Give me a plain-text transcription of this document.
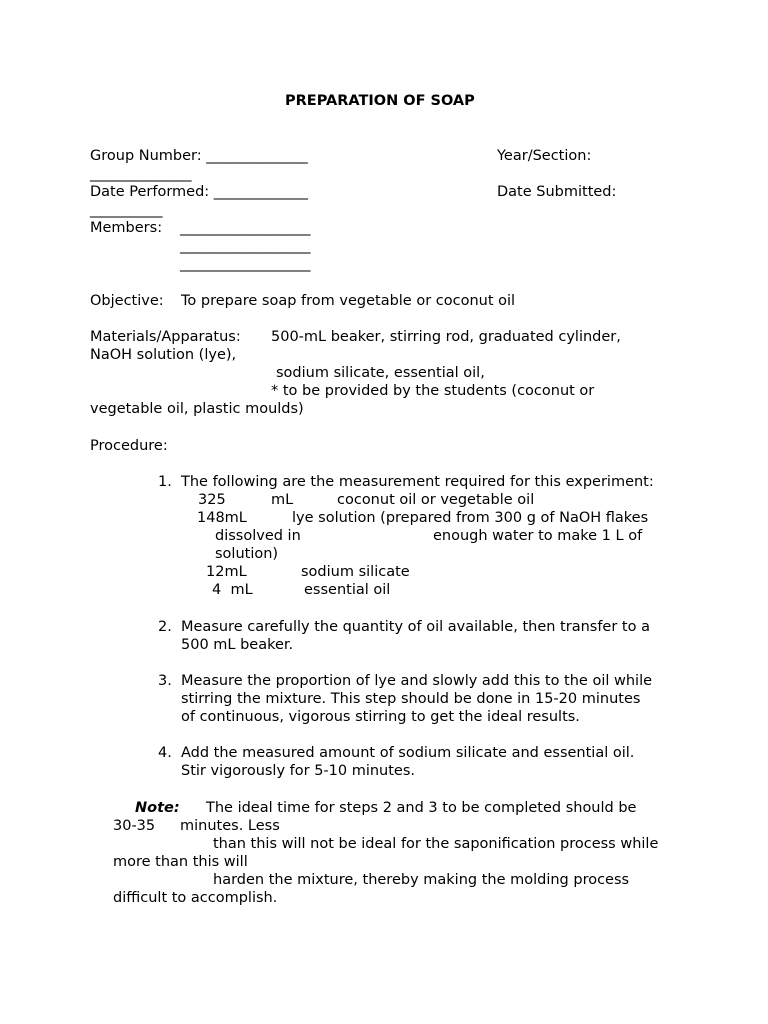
PREPARATION OF SOAP
Group Number: ______________	Year/Section:
______________
Date Performed: _____________	Date Submitted:
__________
Members: __________________
__________________
__________________
Objective: To prepare soap from vegetable or coconut oil
Materials/Apparatus: 500-mL beaker, stirring rod, graduated cylinder,
NaOH solution (lye),
sodium silicate, essential oil,
* to be provided by the students (coconut or
vegetable oil, plastic moulds)
Procedure:
1. The following are the measurement required for this experiment:
325	mL	coconut oil or vegetable oil
148mL	lye solution (prepared from 300 g of NaOH flakes
dissolved in	enough water to make 1 L of
solution)
12mL	sodium silicate
4  mL	essential oil
2. Measure carefully the quantity of oil available, then transfer to a
500 mL beaker.
3. Measure the proportion of lye and slowly add this to the oil while
stirring the mixture. This step should be done in 15-20 minutes
of continuous, vigorous stirring to get the ideal results.
4. Add the measured amount of sodium silicate and essential oil.
Stir vigorously for 5-10 minutes.
Note: The ideal time for steps 2 and 3 to be completed should be
30-35 minutes. Less
than this will not be ideal for the saponification process while
more than this will
harden the mixture, thereby making the molding process
difficult to accomplish.
